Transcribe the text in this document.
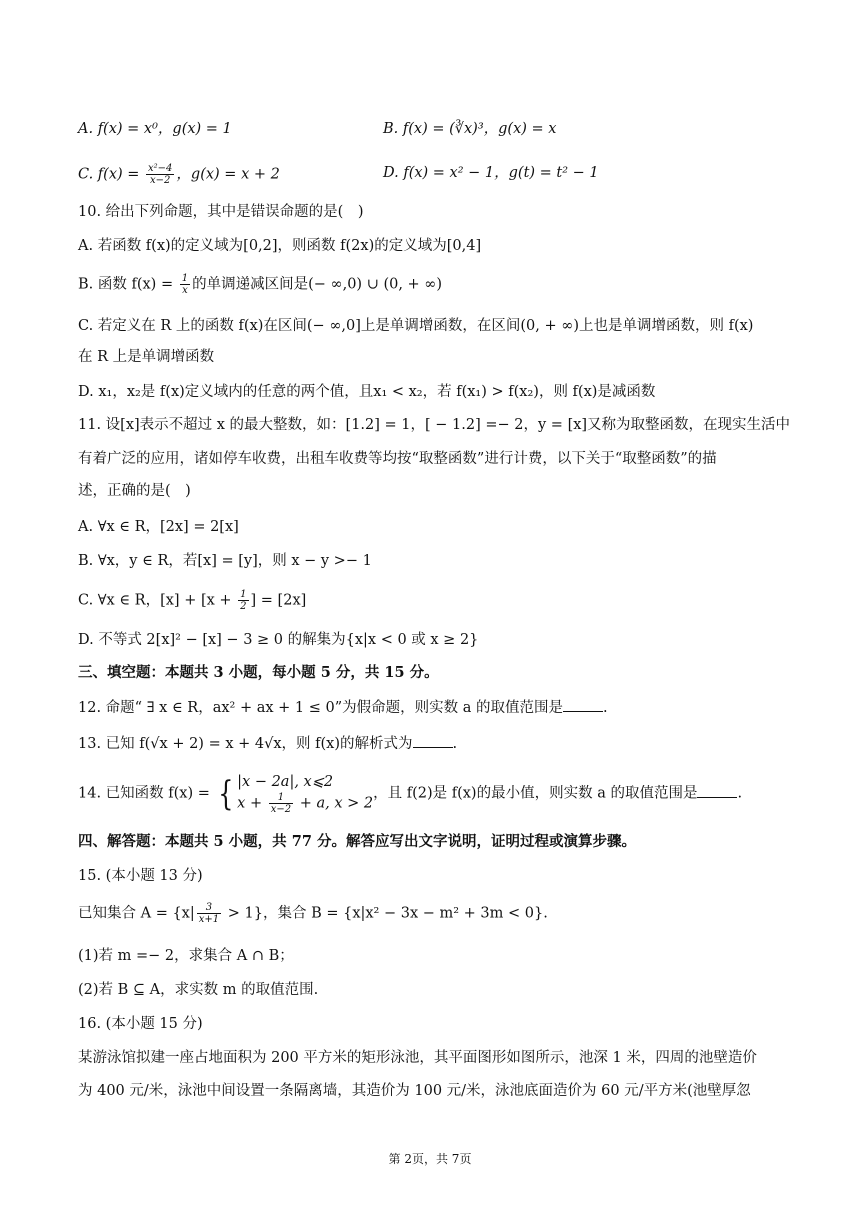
A. f(x) = x⁰，g(x) = 1	B. f(x) = (∛x)³，g(x) = x
C. $f(x) = \frac{\text{x²−4}}{x-2}$ ，g(x) = x + 2	D. f(x) = x² − 1，g(t) = t² − 1
10. 给出下列命题，其中是错误命题的是(　)
A. 若函数 f(x)的定义域为[0,2]，则函数 f(2x)的定义域为[0,4]
B. 函数 $f(x) = \frac{1}{x}$ 的单调递减区间是(− ∞,0) ∪ (0, + ∞)
C. 若定义在 R 上的函数 f(x)在区间(− ∞,0]上是单调增函数，在区间(0, + ∞)上也是单调增函数，则 f(x)
在 R 上是单调增函数
D. x₁，x₂是 f(x)定义域内的任意的两个值，且x₁ < x₂，若 f(x₁) > f(x₂)，则 f(x)是减函数
11. 设[x]表示不超过 x 的最大整数，如：[1.2] = 1，[ − 1.2] =− 2，y = [x]又称为取整函数，在现实生活中
有着广泛的应用，诸如停车收费，出租车收费等均按“取整函数”进行计费，以下关于“取整函数”的描
述，正确的是(　)
A. ∀x ∈ R，[2x] = 2[x]
B. ∀x，y ∈ R，若[x] = [y]，则 x − y >− 1
C. ∀x ∈ R，$[x] + [x + \frac{1}{2}$ ] = [2x]
D. 不等式 2[x]² − [x] − 3 ≥ 0 的解集为{x|x < 0 或 x ≥ 2}
三、填空题：本题共 3 小题，每小题 5 分，共 15 分。
12. 命题“ ∃ x ∈ R，ax² + ax + 1 ≤ 0”为假命题，则实数 a 的取值范围是	.
13. 已知 f(√x + 2) = x + 4√x，则 f(x)的解析式为	.
14. 已知函数 f(x) = { |x − 2a|, x⩽2
$x + \frac{1}{x-2} + a$, x > 2
，且 f(2)是 f(x)的最小值，则实数 a 的取值范围是	.
四、解答题：本题共 5 小题，共 77 分。解答应写出文字说明，证明过程或演算步骤。
15. (本小题 13 分)
已知集合 $A = \{x| \frac{3}{x+1} > 1\}$，集合 B = {x|x² − 3x − m² + 3m < 0}.
(1)若 m =− 2，求集合 A ∩ B；
(2)若 B ⊆ A，求实数 m 的取值范围.
16. (本小题 15 分)
某游泳馆拟建一座占地面积为 200 平方米的矩形泳池，其平面图形如图所示，池深 1 米，四周的池壁造价
为 400 元/米，泳池中间设置一条隔离墙，其造价为 100 元/米，泳池底面造价为 60 元/平方米(池壁厚忽
第 2页，共 7页
